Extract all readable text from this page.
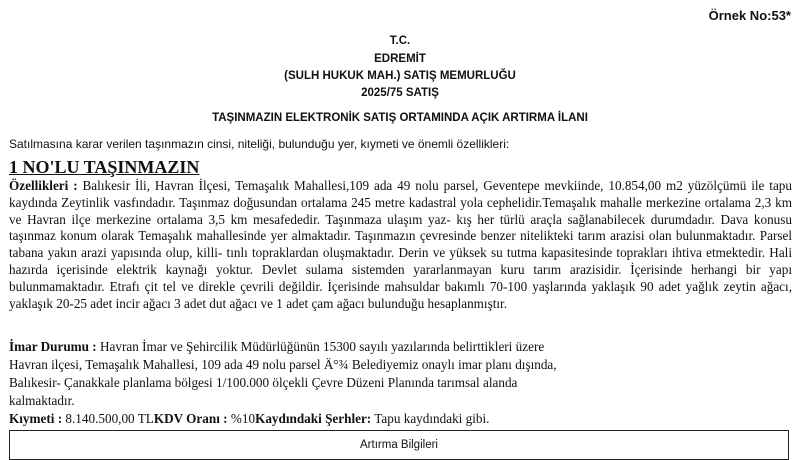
Örnek No:53*
T.C.
EDREMİT
(SULH HUKUK MAH.) SATIŞ MEMURLUĞU
2025/75 SATIŞ
TAŞINMAZIN ELEKTRONİK SATIŞ ORTAMINDA AÇIK ARTIRMA İLANI
Satılmasına karar verilen taşınmazın cinsi, niteliği, bulunduğu yer, kıymeti ve önemli özellikleri:
1 NO'LU TAŞINMAZIN

Özellikleri : Balıkesir İli, Havran İlçesi, Temaşalık Mahallesi,109 ada 49 nolu parsel, Geventepe mevkiinde, 10.854,00 m2 yüzölçümü ile tapu kaydında Zeytinlik vasfındadır. Taşınmaz doğusundan ortalama 245 metre kadastral yola cephelidir.Temaşalık mahalle merkezine ortalama 2,3 km ve Havran ilçe merkezine ortalama 3,5 km mesafededir. Taşınmaza ulaşım yaz- kış her türlü araçla sağlanabilecek durumdadır. Dava konusu taşınmaz konum olarak Temaşalık mahallesinde yer almaktadır. Taşınmazın çevresinde benzer nitelikteki tarım arazisi olan bulunmaktadır. Parsel tabana yakın arazi yapısında olup, killi- tınlı topraklardan oluşmaktadır. Derin ve yüksek su tutma kapasitesinde toprakları ihtiva etmektedir. Hali hazırda içerisinde elektrik kaynağı yoktur. Devlet sulama sistemden yararlanmayan kuru tarım arazisidir. İçerisinde herhangi bir yapı bulunmamaktadır. Etrafı çit tel ve direkle çevrili değildir. İçerisinde mahsuldar bakımlı 70-100 yaşlarında yaklaşık 90 adet yağlık zeytin ağacı, yaklaşık 20-25 adet incir ağacı 3 adet dut ağacı ve 1 adet çam ağacı bulunduğu hesaplanmıştır.

İmar Durumu : Havran İmar ve Şehircilik Müdürlüğünün 15300 sayılı yazılarında belirttikleri üzere
Havran ilçesi, Temaşalık Mahallesi, 109 ada 49 nolu parsel Ä°¾ Belediyemiz onaylı imar planı dışında,
Balıkesir- Çanakkale planlama bölgesi 1/100.000 ölçekli Çevre Düzeni Planında tarımsal alanda
kalmaktadır.
Kıymeti : 8.140.500,00 TLKDV Oranı : %10Kaydındaki Şerhler: Tapu kaydındaki gibi.
Artırma Bilgileri
